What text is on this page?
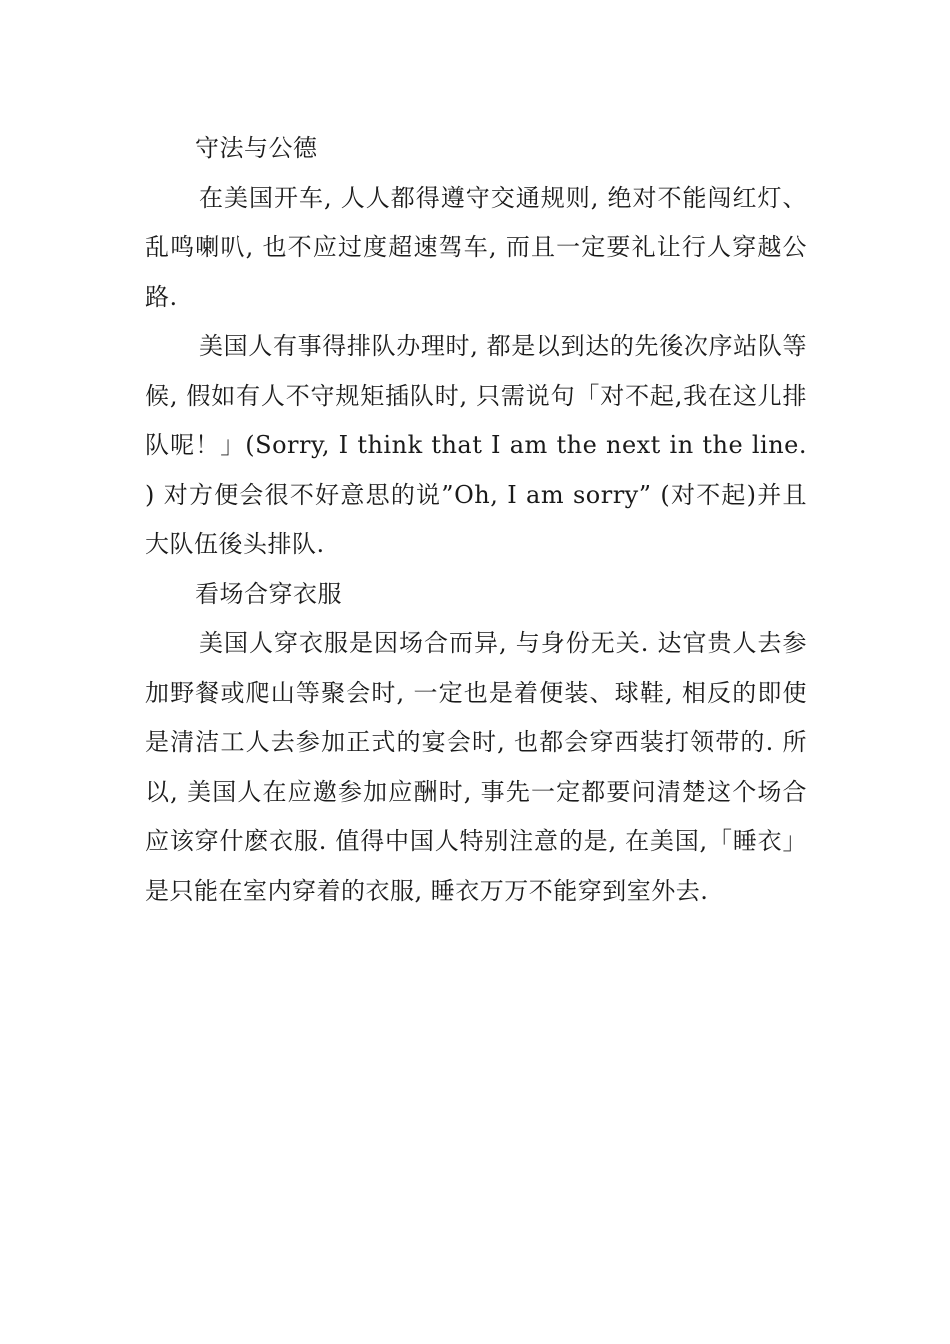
守法与公德

在美国开车, 人人都得遵守交通规则, 绝对不能闯红灯、乱鸣喇叭, 也不应过度超速驾车, 而且一定要礼让行人穿越公路.

美国人有事得排队办理时, 都是以到达的先後次序站队等候, 假如有人不守规矩插队时, 只需说句「对不起,我在这儿排队呢！」(Sorry, I think that I am the next in the line. ) 对方便会很不好意思的说”Oh, I am sorry” (对不起)并且大队伍後头排队.

看场合穿衣服

美国人穿衣服是因场合而异, 与身份无关. 达官贵人去参加野餐或爬山等聚会时, 一定也是着便装、球鞋, 相反的即使是清洁工人去参加正式的宴会时, 也都会穿西装打领带的. 所以, 美国人在应邀参加应酬时, 事先一定都要问清楚这个场合应该穿什麽衣服. 值得中国人特别注意的是, 在美国,「睡衣」是只能在室内穿着的衣服, 睡衣万万不能穿到室外去.
